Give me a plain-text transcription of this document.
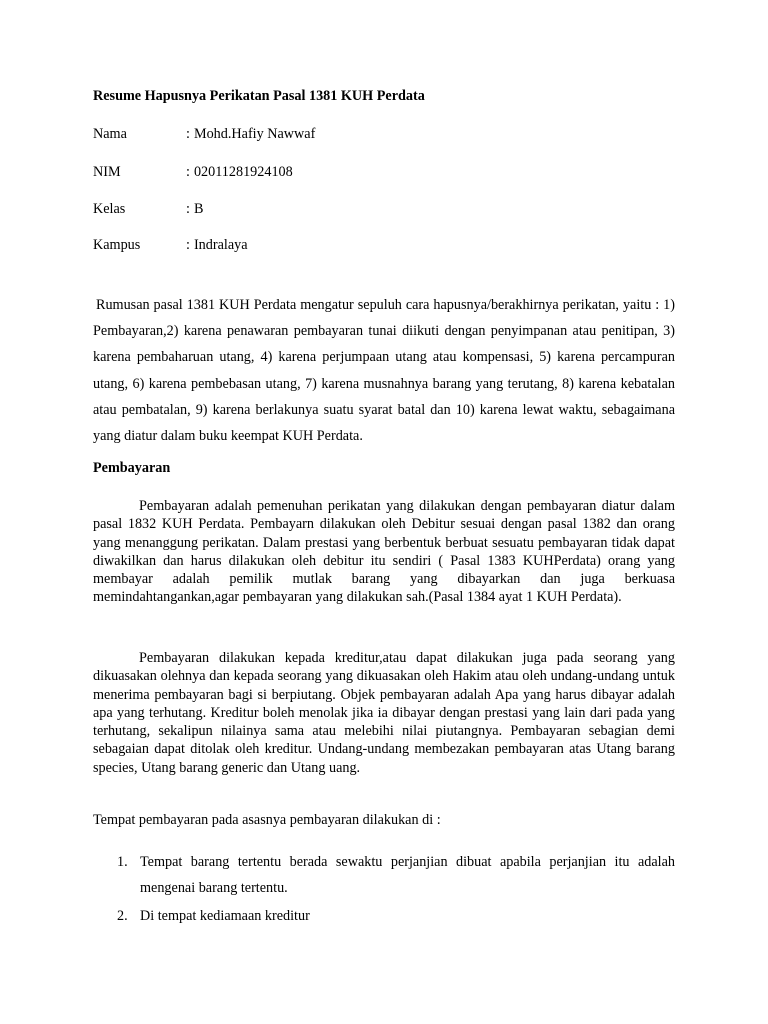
Resume Hapusnya Perikatan Pasal 1381 KUH Perdata
Nama	: Mohd.Hafiy Nawwaf
NIM	: 02011281924108
Kelas	: B
Kampus	: Indralaya
Rumusan pasal 1381 KUH Perdata mengatur sepuluh cara hapusnya/berakhirnya perikatan, yaitu : 1) Pembayaran,2) karena penawaran pembayaran tunai diikuti dengan penyimpanan atau penitipan, 3) karena pembaharuan utang, 4) karena perjumpaan utang atau kompensasi, 5) karena percampuran utang, 6) karena pembebasan utang, 7) karena musnahnya barang yang terutang, 8) karena kebatalan atau pembatalan, 9) karena berlakunya suatu syarat batal dan 10) karena lewat waktu, sebagaimana yang diatur dalam buku keempat KUH Perdata.
Pembayaran
Pembayaran adalah pemenuhan perikatan yang dilakukan dengan pembayaran diatur dalam pasal 1832 KUH Perdata. Pembayarn dilakukan oleh Debitur sesuai dengan pasal 1382 dan orang yang menanggung perikatan. Dalam prestasi yang berbentuk berbuat sesuatu pembayaran tidak dapat diwakilkan dan harus dilakukan oleh debitur itu sendiri ( Pasal 1383 KUHPerdata) orang yang membayar adalah pemilik mutlak barang yang dibayarkan dan juga berkuasa memindahtangankan,agar pembayaran yang dilakukan sah.(Pasal 1384 ayat 1 KUH Perdata).
Pembayaran dilakukan kepada kreditur,atau dapat dilakukan juga pada seorang yang dikuasakan olehnya dan kepada seorang yang dikuasakan oleh Hakim atau oleh undang-undang untuk menerima pembayaran bagi si berpiutang. Objek pembayaran adalah Apa yang harus dibayar adalah apa yang terhutang. Kreditur boleh menolak jika ia dibayar dengan prestasi yang lain dari pada yang terhutang, sekalipun nilainya sama atau melebihi nilai piutangnya. Pembayaran sebagian demi sebagaian dapat ditolak oleh kreditur. Undang-undang membezakan pembayaran atas Utang barang species, Utang barang generic dan Utang uang.
Tempat pembayaran pada asasnya pembayaran dilakukan di :
1. Tempat barang tertentu berada sewaktu perjanjian dibuat apabila perjanjian itu adalah mengenai barang tertentu.
2. Di tempat kediamaan kreditur
